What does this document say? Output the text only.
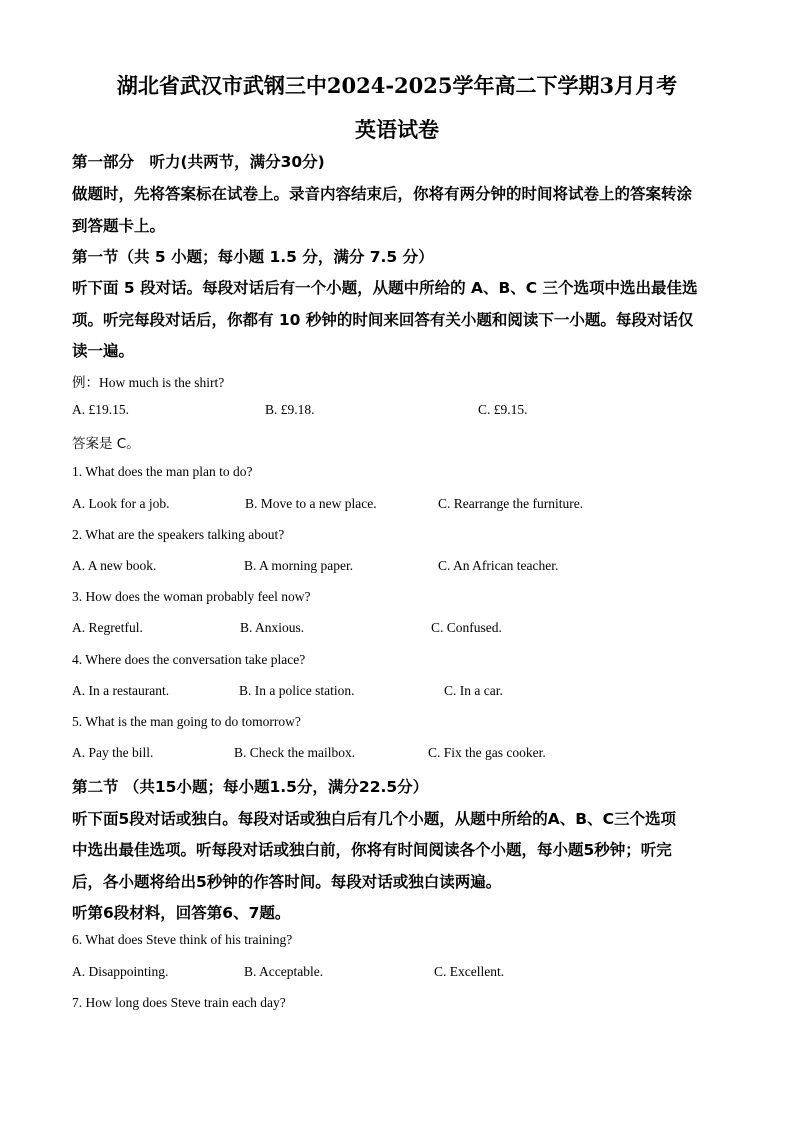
湖北省武汉市武钢三中2024-2025学年高二下学期3月月考
英语试卷
第一部分　听力(共两节，满分30分)
做题时，先将答案标在试卷上。录音内容结束后，你将有两分钟的时间将试卷上的答案转涂
到答题卡上。
第一节（共 5 小题；每小题 1.5 分，满分 7.5 分）
听下面 5 段对话。每段对话后有一个小题，从题中所给的 A、B、C 三个选项中选出最佳选
项。听完每段对话后，你都有 10 秒钟的时间来回答有关小题和阅读下一小题。每段对话仅
读一遍。
例：How much is the shirt?
A. £19.15.	B. £9.18.	C. £9.15.
答案是 C。
1. What does the man plan to do?
A. Look for a job.	B. Move to a new place.	C. Rearrange the furniture.
2. What are the speakers talking about?
A. A new book.	B. A morning paper.	C. An African teacher.
3. How does the woman probably feel now?
A. Regretful.	B. Anxious.	C. Confused.
4. Where does the conversation take place?
A. In a restaurant.	B. In a police station.	C. In a car.
5. What is the man going to do tomorrow?
A. Pay the bill.	B. Check the mailbox.	C. Fix the gas cooker.
第二节 （共15小题；每小题1.5分，满分22.5分）
听下面5段对话或独白。每段对话或独白后有几个小题，从题中所给的A、B、C三个选项
中选出最佳选项。听每段对话或独白前，你将有时间阅读各个小题，每小题5秒钟；听完
后，各小题将给出5秒钟的作答时间。每段对话或独白读两遍。
听第6段材料，回答第6、7题。
6. What does Steve think of his training?
A. Disappointing.	B. Acceptable.	C. Excellent.
7. How long does Steve train each day?
